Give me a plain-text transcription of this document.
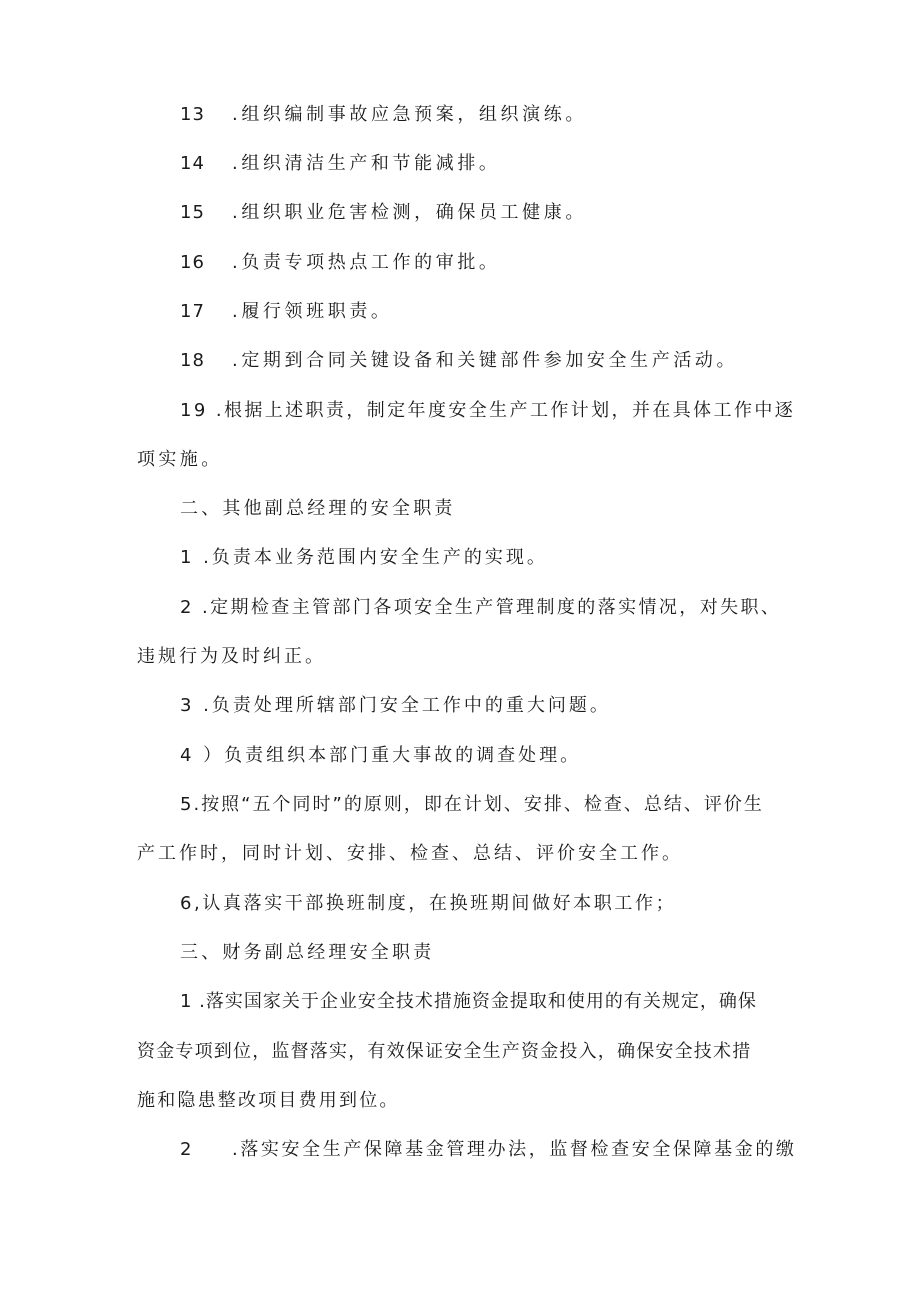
13 .组织编制事故应急预案，组织演练。
14 .组织清洁生产和节能减排。
15 .组织职业危害检测，确保员工健康。
16 .负责专项热点工作的审批。
17 .履行领班职责。
18 .定期到合同关键设备和关键部件参加安全生产活动。
19 .根据上述职责，制定年度安全生产工作计划，并在具体工作中逐
项实施。
二、其他副总经理的安全职责
1 .负责本业务范围内安全生产的实现。
2 .定期检查主管部门各项安全生产管理制度的落实情况，对失职、
违规行为及时纠正。
3 .负责处理所辖部门安全工作中的重大问题。
4 ）负责组织本部门重大事故的调查处理。
5.按照“五个同时”的原则，即在计划、安排、检查、总结、评价生
产工作时，同时计划、安排、检查、总结、评价安全工作。
6,认真落实干部换班制度，在换班期间做好本职工作；
三、财务副总经理安全职责
1 .落实国家关于企业安全技术措施资金提取和使用的有关规定，确保
资金专项到位，监督落实，有效保证安全生产资金投入，确保安全技术措
施和隐患整改项目费用到位。
2 .落实安全生产保障基金管理办法，监督检查安全保障基金的缴
